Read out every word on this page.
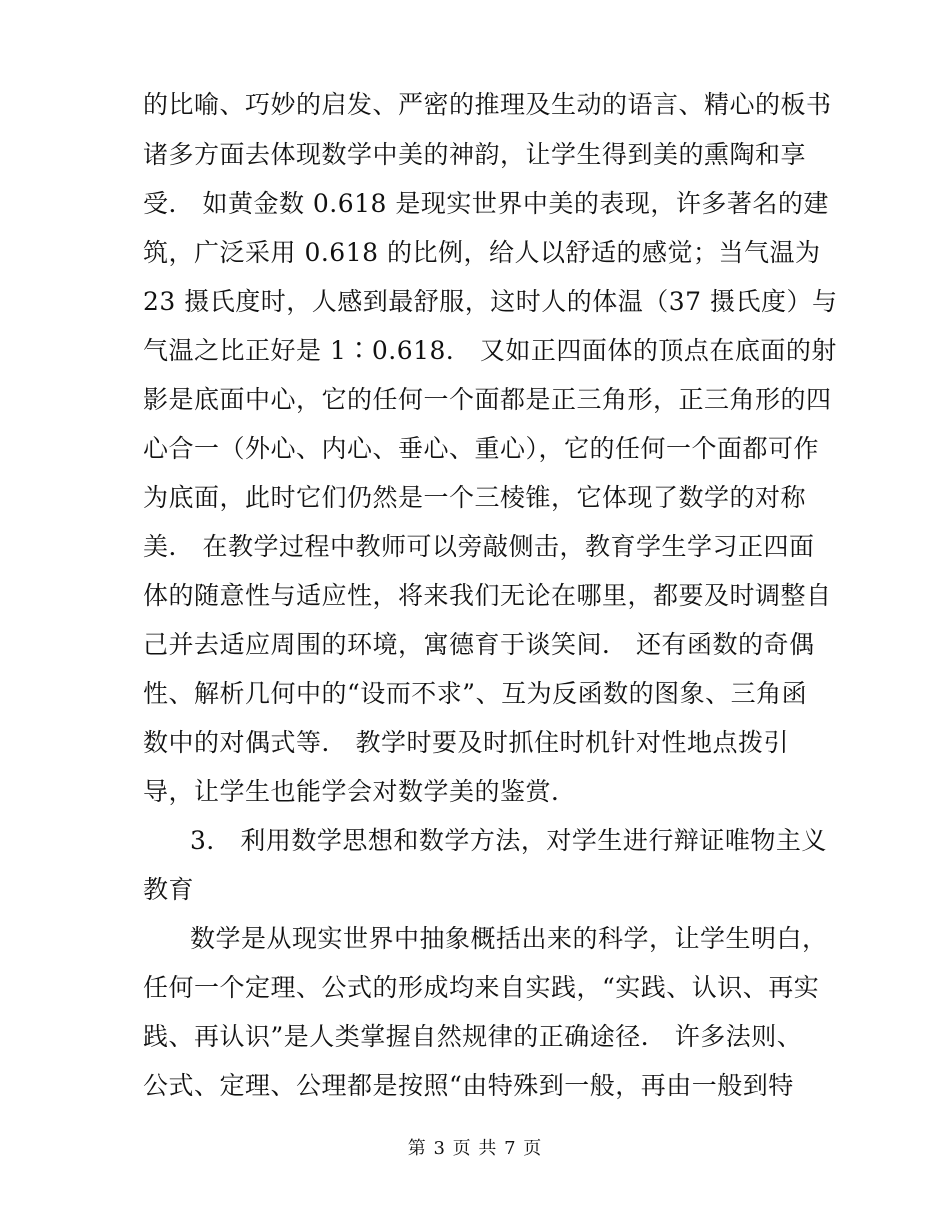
的比喻、巧妙的启发、严密的推理及生动的语言、精心的板书
诸多方面去体现数学中美的神韵，让学生得到美的熏陶和享
受． 如黄金数 0.618 是现实世界中美的表现，许多著名的建
筑，广泛采用 0.618 的比例，给人以舒适的感觉；当气温为
23 摄氏度时，人感到最舒服，这时人的体温（37 摄氏度）与
气温之比正好是 1∶0.618． 又如正四面体的顶点在底面的射
影是底面中心，它的任何一个面都是正三角形，正三角形的四
心合一（外心、内心、垂心、重心），它的任何一个面都可作
为底面，此时它们仍然是一个三棱锥，它体现了数学的对称
美． 在教学过程中教师可以旁敲侧击，教育学生学习正四面
体的随意性与适应性，将来我们无论在哪里，都要及时调整自
己并去适应周围的环境，寓德育于谈笑间． 还有函数的奇偶
性、解析几何中的“设而不求”、互为反函数的图象、三角函
数中的对偶式等． 教学时要及时抓住时机针对性地点拨引
导，让学生也能学会对数学美的鉴赏．
3． 利用数学思想和数学方法，对学生进行辩证唯物主义
教育
数学是从现实世界中抽象概括出来的科学，让学生明白，
任何一个定理、公式的形成均来自实践，“实践、认识、再实
践、再认识”是人类掌握自然规律的正确途径． 许多法则、
公式、定理、公理都是按照“由特殊到一般，再由一般到特
第 3 页 共 7 页
